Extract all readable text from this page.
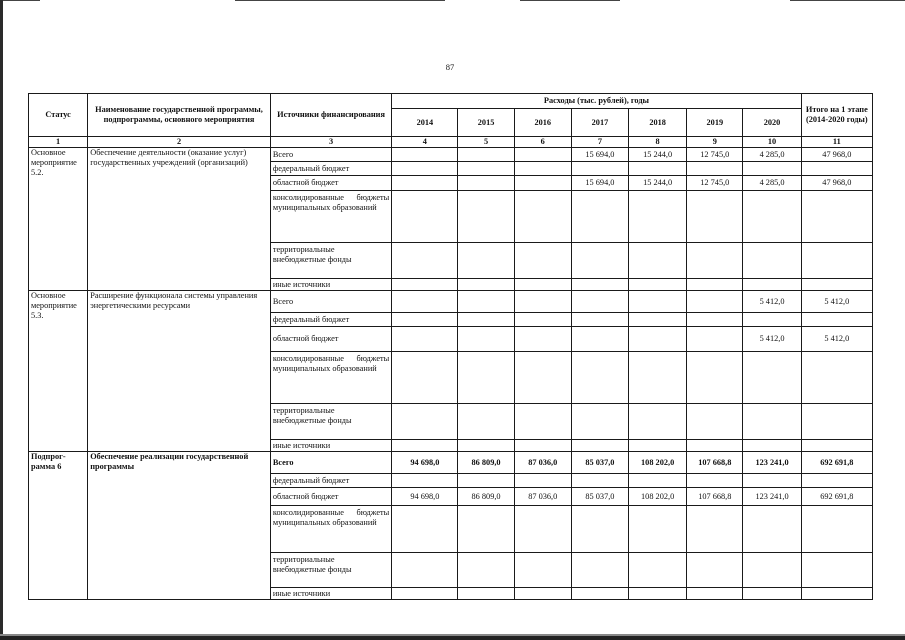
87
Статус	Наименование государственной программы, подпрограммы, основного мероприятия	Источники финансирования	Расходы (тыс. рублей), годы							Итого на 1 этапе (2014-2020 годы)
			2014	2015	2016	2017	2018	2019	2020	
1	2	3	4	5	6	7	8	9	10	11
Основное мероприятие 5.2.	Обеспечение деятельности (оказание услуг) государственных учреждений (организаций)	Всего				15 694,0	15 244,0	12 745,0	4 285,0	47 968,0
		федеральный бюджет								
		областной бюджет				15 694,0	15 244,0	12 745,0	4 285,0	47 968,0
		консолидированные бюджеты муниципальных образований								
		территориальные внебюджетные фонды								
		иные источники								
Основное мероприятие 5.3.	Расширение функционала системы управления энергетическими ресурсами	Всего							5 412,0	5 412,0
		федеральный бюджет								
		областной бюджет							5 412,0	5 412,0
		консолидированные бюджеты муниципальных образований								
		территориальные внебюджетные фонды								
		иные источники								
Подпрог-рамма 6	Обеспечение реализации государственной программы	Всего	94 698,0	86 809,0	87 036,0	85 037,0	108 202,0	107 668,8	123 241,0	692 691,8
		федеральный бюджет								
		областной бюджет	94 698,0	86 809,0	87 036,0	85 037,0	108 202,0	107 668,8	123 241,0	692 691,8
		консолидированные бюджеты муниципальных образований								
		территориальные внебюджетные фонды								
		иные источники								
